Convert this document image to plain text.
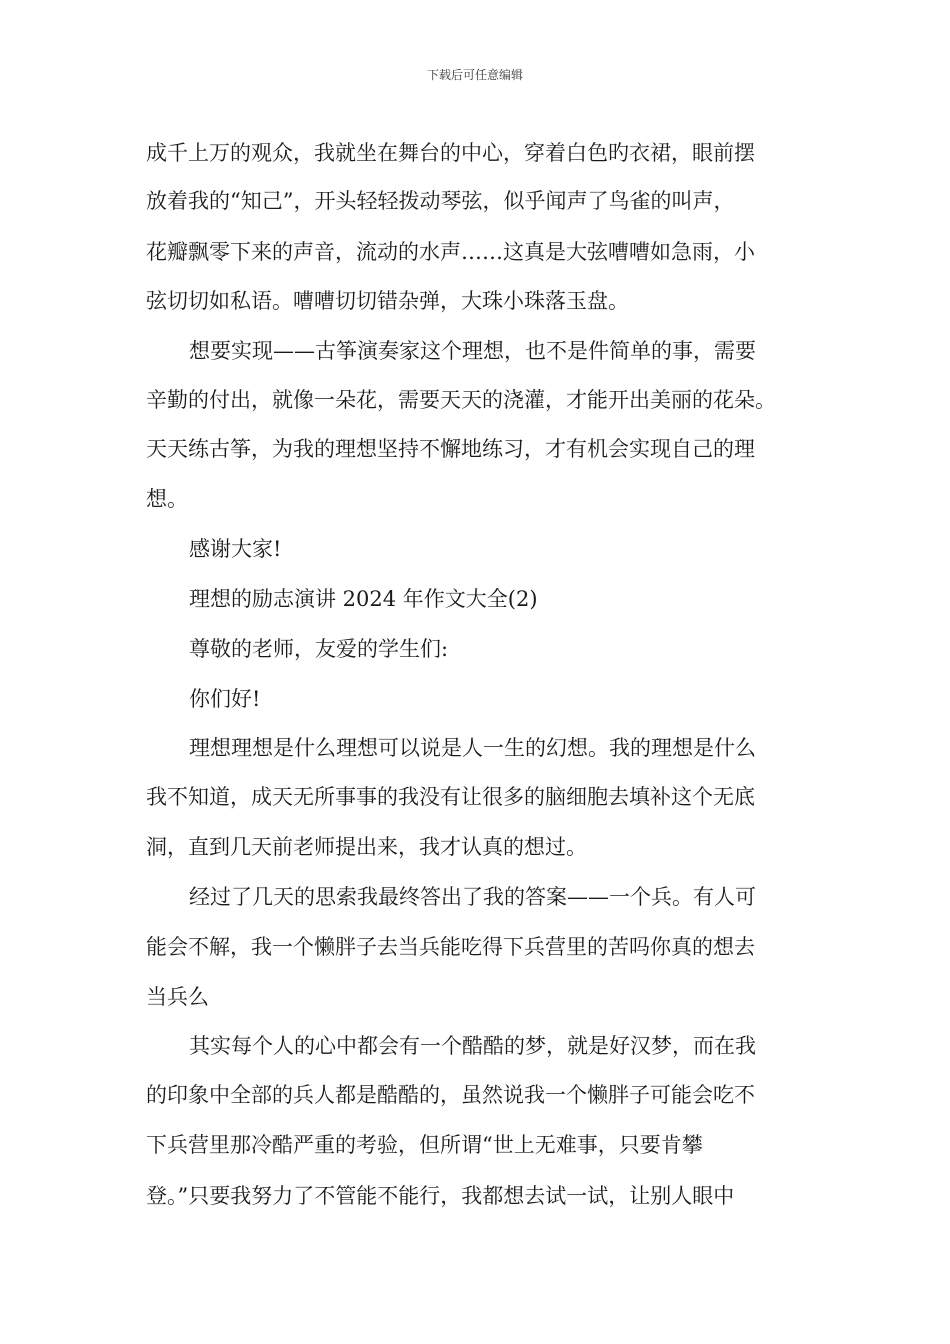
下载后可任意编辑
成千上万的观众，我就坐在舞台的中心，穿着白色旳衣裙，眼前摆
放着我的“知己”，开头轻轻拨动琴弦，似乎闻声了鸟雀的叫声，
花瓣飘零下来的声音，流动的水声……这真是大弦嘈嘈如急雨，小
弦切切如私语。嘈嘈切切错杂弹，大珠小珠落玉盘。
想要实现——古筝演奏家这个理想，也不是件简单的事，需要
辛勤的付出，就像一朵花，需要天天的浇灌，才能开出美丽的花朵。
天天练古筝，为我的理想坚持不懈地练习，才有机会实现自己的理
想。
感谢大家!
理想的励志演讲 2024 年作文大全(2)
尊敬的老师，友爱的学生们:
你们好!
理想理想是什么理想可以说是人一生的幻想。我的理想是什么
我不知道，成天无所事事的我没有让很多的脑细胞去填补这个无底
洞，直到几天前老师提出来，我才认真的想过。
经过了几天的思索我最终答出了我的答案——一个兵。有人可
能会不解，我一个懒胖子去当兵能吃得下兵营里的苦吗你真的想去
当兵么
其实每个人的心中都会有一个酷酷的梦，就是好汉梦，而在我
的印象中全部的兵人都是酷酷的，虽然说我一个懒胖子可能会吃不
下兵营里那冷酷严重的考验，但所谓“世上无难事，只要肯攀
登。”只要我努力了不管能不能行，我都想去试一试，让别人眼中
